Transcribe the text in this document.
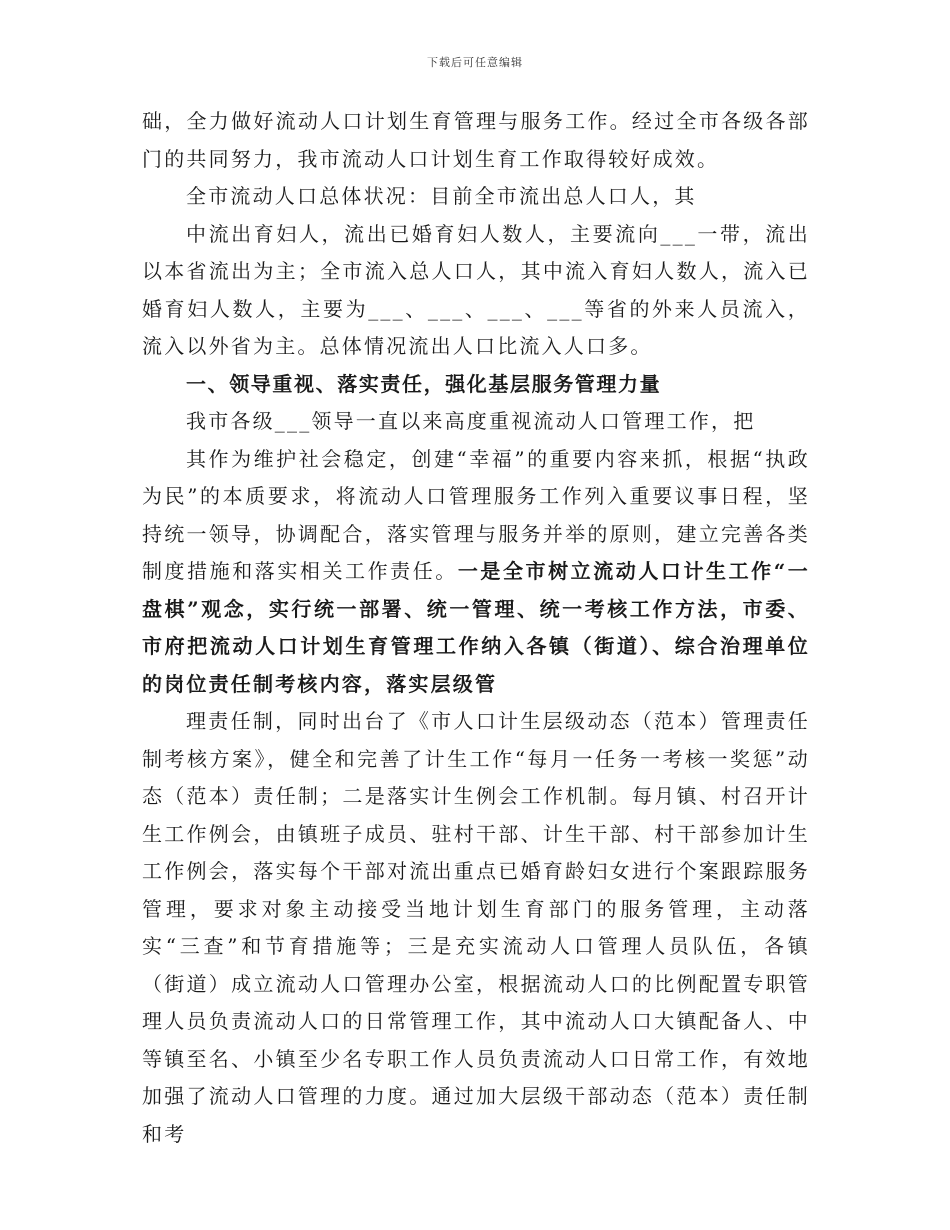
下载后可任意编辑

础，全力做好流动人口计划生育管理与服务工作。经过全市各级各部门的共同努力，我市流动人口计划生育工作取得较好成效。

全市流动人口总体状况：目前全市流出总人口人，其

中流出育妇人，流出已婚育妇人数人，主要流向___一带，流出以本省流出为主；全市流入总人口人，其中流入育妇人数人，流入已婚育妇人数人，主要为___、___、___、___等省的外来人员流入，流入以外省为主。总体情况流出人口比流入人口多。

一、领导重视、落实责任，强化基层服务管理力量

我市各级___领导一直以来高度重视流动人口管理工作，把

其作为维护社会稳定，创建“幸福”的重要内容来抓，根据“执政为民”的本质要求，将流动人口管理服务工作列入重要议事日程，坚持统一领导，协调配合，落实管理与服务并举的原则，建立完善各类制度措施和落实相关工作责任。一是全市树立流动人口计生工作“一盘棋”观念，实行统一部署、统一管理、统一考核工作方法，市委、市府把流动人口计划生育管理工作纳入各镇（街道）、综合治理单位的岗位责任制考核内容，落实层级管

理责任制，同时出台了《市人口计生层级动态（范本）管理责任制考核方案》，健全和完善了计生工作“每月一任务一考核一奖惩”动态（范本）责任制；二是落实计生例会工作机制。每月镇、村召开计生工作例会，由镇班子成员、驻村干部、计生干部、村干部参加计生工作例会，落实每个干部对流出重点已婚育龄妇女进行个案跟踪服务管理，要求对象主动接受当地计划生育部门的服务管理，主动落实“三查”和节育措施等；三是充实流动人口管理人员队伍，各镇（街道）成立流动人口管理办公室，根据流动人口的比例配置专职管理人员负责流动人口的日常管理工作，其中流动人口大镇配备人、中等镇至名、小镇至少名专职工作人员负责流动人口日常工作，有效地加强了流动人口管理的力度。通过加大层级干部动态（范本）责任制和考
